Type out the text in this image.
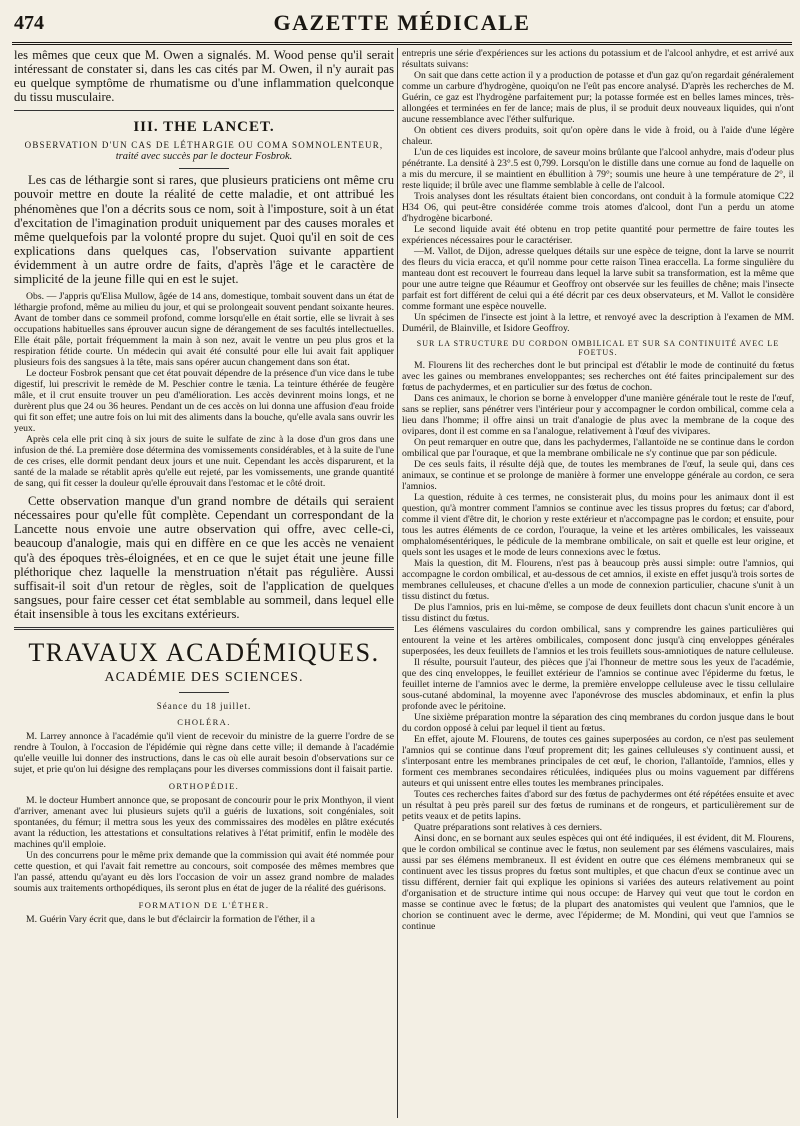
474	GAZETTE MÉDICALE

les mêmes que ceux que M. Owen a signalés. M. Wood pense qu'il serait intéressant de constater si, dans les cas cités par M. Owen, il n'y aurait pas eu quelque symptôme de rhumatisme ou d'une inflammation quelconque du tissu musculaire.

III. THE LANCET.
OBSERVATION D'UN CAS DE LÉTHARGIE OU COMA SOMNOLENTEUR,
traité avec succès par le docteur Fosbrok.

Les cas de léthargie sont si rares, que plusieurs praticiens ont même cru pouvoir mettre en doute la réalité de cette maladie, et ont attribué les phénomènes que l'on a décrits sous ce nom, soit à l'imposture, soit à un état d'excitation de l'imagination produit uniquement par des causes morales et même quelquefois par la volonté propre du sujet. Quoi qu'il en soit de ces explications dans quelques cas, l'observation suivante appartient évidemment à un autre ordre de faits, d'après l'âge et le caractère de simplicité de la jeune fille qui en est le sujet.

Obs. — J'appris qu'Elisa Mullow, âgée de 14 ans, domestique, tombait souvent dans un état de léthargie profond, même au milieu du jour, et qui se prolongeait souvent pendant soixante heures. Avant de tomber dans ce sommeil profond, comme lorsqu'elle en était sortie, elle se livrait à ses occupations habituelles sans éprouver aucun signe de dérangement de ses facultés intellectuelles. Elle était pâle, portait fréquemment la main à son nez, avait le ventre un peu plus gros et la respiration fétide courte. Un médecin qui avait été consulté pour elle lui avait fait appliquer plusieurs fois des sangsues à la tête, mais sans opérer aucun changement dans son état.

Le docteur Fosbrok pensant que cet état pouvait dépendre de la présence d'un vice dans le tube digestif, lui prescrivit le remède de M. Peschier contre le tænia. La teinture éthérée de feugère mâle, et il crut ensuite trouver un peu d'amélioration. Les accès devinrent moins longs, et ne durèrent plus que 24 ou 36 heures. Pendant un de ces accès on lui donna une affusion d'eau froide qui fit son effet; une autre fois on lui mit des aliments dans la bouche, qu'elle avala sans ouvrir les yeux.

Après cela elle prit cinq à six jours de suite le sulfate de zinc à la dose d'un gros dans une infusion de thé. La première dose détermina des vomissements considérables, et à la suite de l'une de ces crises, elle dormit pendant deux jours et une nuit. Cependant les accès disparurent, et la santé de la malade se rétablit après qu'elle eut rejeté, par les vomissements, une grande quantité de sang, qui fit cesser la douleur qu'elle éprouvait dans l'estomac et le côté droit.

Cette observation manque d'un grand nombre de détails qui seraient nécessaires pour qu'elle fût complète. Cependant un correspondant de la Lancette nous envoie une autre observation qui offre, avec celle-ci, beaucoup d'analogie, mais qui en diffère en ce que les accès ne venaient qu'à des époques très-éloignées, et en ce que le sujet était une jeune fille pléthorique chez laquelle la menstruation n'était pas régulière. Aussi suffisait-il soit d'un retour de règles, soit de l'application de quelques sangsues, pour faire cesser cet état semblable au sommeil, dans lequel elle était insensible à tous les excitans extérieurs.

TRAVAUX ACADÉMIQUES.
ACADÉMIE DES SCIENCES.
Séance du 18 juillet.
CHOLÉRA.

M. Larrey annonce à l'académie qu'il vient de recevoir du ministre de la guerre l'ordre de se rendre à Toulon, à l'occasion de l'épidémie qui règne dans cette ville; il demande à l'académie qu'elle veuille lui donner des instructions, dans le cas où elle aurait besoin d'observations sur ce sujet, et prie qu'on lui désigne des remplaçans pour les diverses commissions dont il faisait partie.

ORTHOPÉDIE.

M. le docteur Humbert annonce que, se proposant de concourir pour le prix Monthyon, il vient d'arriver, amenant avec lui plusieurs sujets qu'il a guéris de luxations, soit congéniales, soit spontanées, du fémur; il mettra sous les yeux des commissaires des modèles en plâtre exécutés avant la réduction, les attestations et consultations relatives à l'état primitif, enfin le modèle des machines qu'il emploie.

Un des concurrens pour le même prix demande que la commission qui avait été nommée pour cette question, et qui l'avait fait remettre au concours, soit composée des mêmes membres que l'an passé, attendu qu'ayant eu dès lors l'occasion de voir un assez grand nombre de malades soumis aux traitements orthopédiques, ils seront plus en état de juger de la réalité des guérisons.

FORMATION DE L'ÉTHER.

M. Guérin Vary écrit que, dans le but d'éclaircir la formation de l'éther, il a

entrepris une série d'expériences sur les actions du potassium et de l'alcool anhydre, et est arrivé aux résultats suivans:

On sait que dans cette action il y a production de potasse et d'un gaz qu'on regardait généralement comme un carbure d'hydrogène, quoiqu'on ne l'eût pas encore analysé. D'après les recherches de M. Guérin, ce gaz est l'hydrogène parfaitement pur; la potasse formée est en belles lames minces, très-allongées et terminées en fer de lance; mais de plus, il se produit deux nouveaux liquides, qui n'ont aucune ressemblance avec l'éther sulfurique.

On obtient ces divers produits, soit qu'on opère dans le vide à froid, ou à l'aide d'une légère chaleur.

L'un de ces liquides est incolore, de saveur moins brûlante que l'alcool anhydre, mais d'odeur plus pénétrante. La densité à 23°.5 est 0,799. Lorsqu'on le distille dans une cornue au fond de laquelle on a mis du mercure, il se maintient en ébullition à 79°; soumis une heure à une température de 2°, il reste liquide; il brûle avec une flamme semblable à celle de l'alcool.

Trois analyses dont les résultats étaient bien concordans, ont conduit à la formule atomique C22 H34 O6, qui peut-être considérée comme trois atomes d'alcool, dont l'un a perdu un atome d'hydrogène bicarboné.

Le second liquide avait été obtenu en trop petite quantité pour permettre de faire toutes les expériences nécessaires pour le caractériser.

—M. Vallot, de Dijon, adresse quelques détails sur une espèce de teigne, dont la larve se nourrit des fleurs du vicia eracca, et qu'il nomme pour cette raison Tinea eraccella. La forme singulière du manteau dont est recouvert le fourreau dans lequel la larve subit sa transformation, est la même que pour une autre teigne que Réaumur et Geoffroy ont observée sur les feuilles de chêne; mais l'insecte parfait est fort différent de celui qui a été décrit par ces deux observateurs, et M. Vallot le considère comme formant une espèce nouvelle.

Un spécimen de l'insecte est joint à la lettre, et renvoyé avec la description à l'examen de MM. Duméril, de Blainville, et Isidore Geoffroy.

SUR LA STRUCTURE DU CORDON OMBILICAL ET SUR SA CONTINUITÉ AVEC LE FOETUS.

M. Flourens lit des recherches dont le but principal est d'établir le mode de continuité du fœtus avec les gaines ou membranes enveloppantes; ses recherches ont été faites principalement sur des fœtus de pachydermes, et en particulier sur des fœtus de cochon.

Dans ces animaux, le chorion se borne à envelopper d'une manière générale tout le reste de l'œuf, sans se replier, sans pénétrer vers l'intérieur pour y accompagner le cordon ombilical, comme cela a lieu dans l'homme; il offre ainsi un trait d'analogie de plus avec la membrane de la coque des ovipares, dont il est comme en sa l'analogue, relativement à l'œuf des vivipares.

On peut remarquer en outre que, dans les pachydermes, l'allantoïde ne se continue dans le cordon ombilical que par l'ouraque, et que la membrane ombilicale ne s'y continue que par son pédicule.

De ces seuls faits, il résulte déjà que, de toutes les membranes de l'œuf, la seule qui, dans ces animaux, se continue et se prolonge de manière à former une enveloppe générale au cordon, ce sera l'amnios.

La question, réduite à ces termes, ne consisterait plus, du moins pour les animaux dont il est question, qu'à montrer comment l'amnios se continue avec les tissus propres du fœtus; car d'abord, comme il vient d'être dit, le chorion y reste extérieur et n'accompagne pas le cordon; et ensuite, pour tous les autres éléments de ce cordon, l'ouraque, la veine et les artères ombilicales, les vaisseaux omphalomésentériques, le pédicule de la membrane ombilicale, on sait et quelle est leur origine, et quels sont les usages et le mode de leurs connexions avec le fœtus.

Mais la question, dit M. Flourens, n'est pas à beaucoup près aussi simple: outre l'amnios, qui accompagne le cordon ombilical, et au-dessous de cet amnios, il existe en effet jusqu'à trois sortes de membranes celluleuses, et chacune d'elles a un mode de connexion particulier, chacune s'unit à un tissu distinct du fœtus.

De plus l'amnios, pris en lui-même, se compose de deux feuillets dont chacun s'unit encore à un tissu distinct du fœtus.

Les élémens vasculaires du cordon ombilical, sans y comprendre les gaines particulières qui entourent la veine et les artères ombilicales, composent donc jusqu'à cinq enveloppes générales superposées, les deux feuillets de l'amnios et les trois feuillets sous-amniotiques de nature celluleuse.

Il résulte, poursuit l'auteur, des pièces que j'ai l'honneur de mettre sous les yeux de l'académie, que des cinq enveloppes, le feuillet extérieur de l'amnios se continue avec l'épiderme du fœtus, le feuillet interne de l'amnios avec le derme, la première enveloppe celluleuse avec le tissu cellulaire sous-cutané abdominal, la moyenne avec l'aponévrose des muscles abdominaux, et enfin la plus profonde avec le péritoine.

Une sixième préparation montre la séparation des cinq membranes du cordon jusque dans le bout du cordon opposé à celui par lequel il tient au fœtus.

En effet, ajoute M. Flourens, de toutes ces gaines superposées au cordon, ce n'est pas seulement l'amnios qui se continue dans l'œuf proprement dit; les gaines celluleuses s'y continuent aussi, et s'interposant entre les membranes principales de cet œuf, le chorion, l'allantoïde, l'amnios, elles y forment ces membranes secondaires réticulées, indiquées plus ou moins vaguement par différens auteurs et qui unissent entre elles toutes les membranes principales.

Toutes ces recherches faites d'abord sur des fœtus de pachydermes ont été répétées ensuite et avec un résultat à peu près pareil sur des fœtus de ruminans et de rongeurs, et particulièrement sur de petits veaux et de petits lapins.

Quatre préparations sont relatives à ces derniers.

Ainsi donc, en se bornant aux seules espèces qui ont été indiquées, il est évident, dit M. Flourens, que le cordon ombilical se continue avec le fœtus, non seulement par ses élémens vasculaires, mais aussi par ses élémens membraneux. Il est évident en outre que ces élémens membraneux qui se continuent avec les tissus propres du fœtus sont multiples, et que chacun d'eux se continue avec un tissu différent, dernier fait qui explique les opinions si variées des auteurs relativement au point d'organisation et de structure intime qui nous occupe: de Harvey qui veut que tout le cordon en masse se continue avec le fœtus; de la plupart des anatomistes qui veulent que l'amnios, que le chorion se continuent avec le derme, avec l'épiderme; de M. Mondini, qui veut que l'amnios se continue
